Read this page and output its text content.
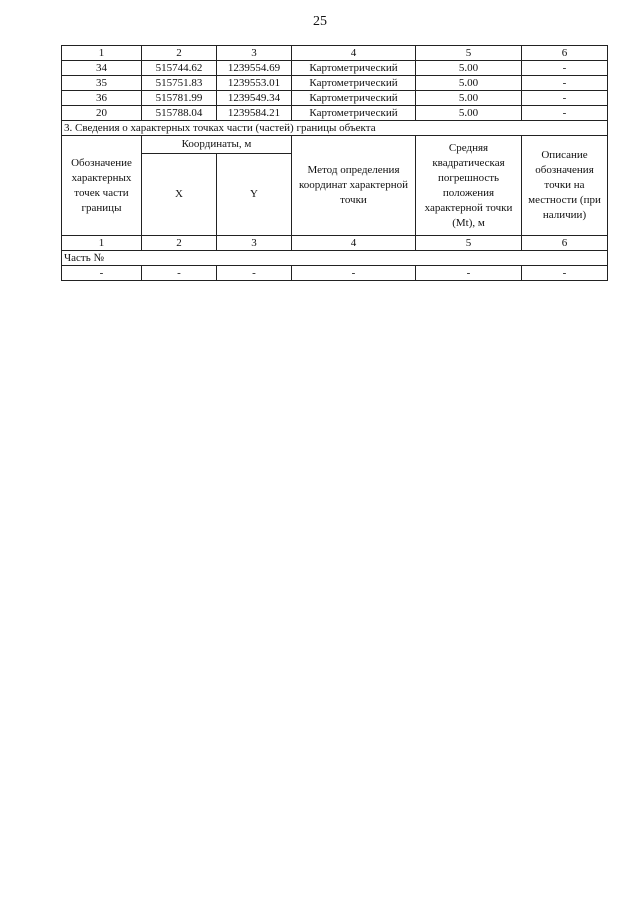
25
1	2	3	4	5	6
34	515744.62	1239554.69	Картометрический	5.00	-
35	515751.83	1239553.01	Картометрический	5.00	-
36	515781.99	1239549.34	Картометрический	5.00	-
20	515788.04	1239584.21	Картометрический	5.00	-
3. Сведения о характерных точках части (частей) границы объекта					
Обозначение характерных точек части границы	Координаты, м		Метод определения координат характерной точки	Средняя квадратическая погрешность положения характерной точки (Mt), м	Описание обозначения точки на местности (при наличии)
	X	Y			
1	2	3	4	5	6
Часть №					
-	-	-	-	-	-
